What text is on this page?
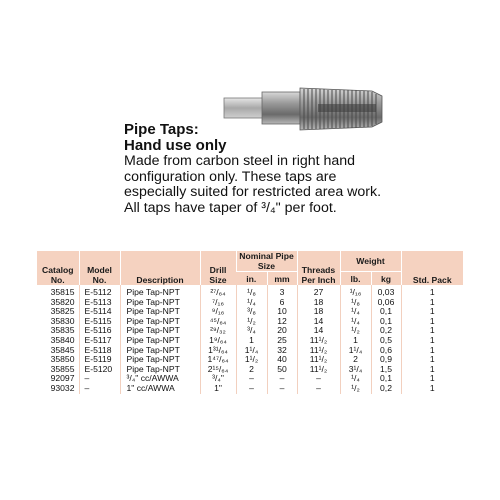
Pipe Taps:
Hand use only

Made from carbon steel in right hand configuration only. These taps are especially suited for restricted area work. All taps have taper of ³/₄" per foot.

Catalog No.	Model No.	Description	Drill Size	Nominal Pipe Size		Threads Per Inch	Weight		Std. Pack

				in.	mm		lb.	kg	
35815	E-5112	Pipe Tap-NPT	²⁷/₆₄	¹/₈	3	27	¹/₁₆	0,03	1
35820	E-5113	Pipe Tap-NPT	⁷/₁₆	¹/₄	6	18	¹/₈	0,06	1
35825	E-5114	Pipe Tap-NPT	⁹/₁₆	³/₈	10	18	¹/₄	0,1	1
35830	E-5115	Pipe Tap-NPT	⁴⁵/₆₄	¹/₂	12	14	¹/₄	0,1	1
35835	E-5116	Pipe Tap-NPT	²⁹/₃₂	³/₄	20	14	¹/₂	0,2	1
35840	E-5117	Pipe Tap-NPT	1⁹/₆₄	1	25	11¹/₂	1	0,5	1
35845	E-5118	Pipe Tap-NPT	1³¹/₆₄	1¹/₄	32	11¹/₂	1¹/₄	0,6	1
35850	E-5119	Pipe Tap-NPT	1⁴⁷/₆₄	1¹/₂	40	11¹/₂	2	0,9	1
35855	E-5120	Pipe Tap-NPT	2¹⁵/₆₄	2	50	11¹/₂	3¹/₄	1,5	1
92097	–	³/₄" cc/AWWA	³/₄"	–	–	–	¹/₄	0,1	1
93032	–	1" cc/AWWA	1"	–	–	–	¹/₂	0,2	1
